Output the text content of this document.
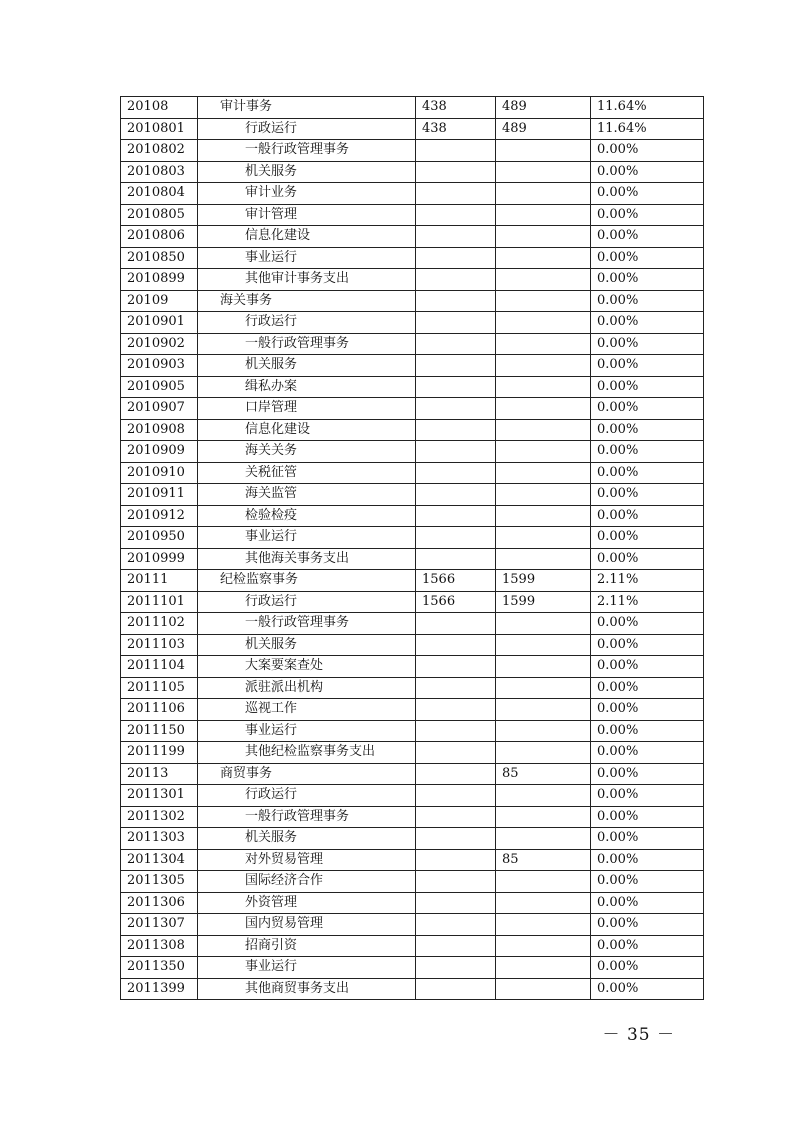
20108	审计事务	438	489	11.64%
2010801	行政运行	438	489	11.64%
2010802	一般行政管理事务			0.00%
2010803	机关服务			0.00%
2010804	审计业务			0.00%
2010805	审计管理			0.00%
2010806	信息化建设			0.00%
2010850	事业运行			0.00%
2010899	其他审计事务支出			0.00%
20109	海关事务			0.00%
2010901	行政运行			0.00%
2010902	一般行政管理事务			0.00%
2010903	机关服务			0.00%
2010905	缉私办案			0.00%
2010907	口岸管理			0.00%
2010908	信息化建设			0.00%
2010909	海关关务			0.00%
2010910	关税征管			0.00%
2010911	海关监管			0.00%
2010912	检验检疫			0.00%
2010950	事业运行			0.00%
2010999	其他海关事务支出			0.00%
20111	纪检监察事务	1566	1599	2.11%
2011101	行政运行	1566	1599	2.11%
2011102	一般行政管理事务			0.00%
2011103	机关服务			0.00%
2011104	大案要案查处			0.00%
2011105	派驻派出机构			0.00%
2011106	巡视工作			0.00%
2011150	事业运行			0.00%
2011199	其他纪检监察事务支出			0.00%
20113	商贸事务		85	0.00%
2011301	行政运行			0.00%
2011302	一般行政管理事务			0.00%
2011303	机关服务			0.00%
2011304	对外贸易管理		85	0.00%
2011305	国际经济合作			0.00%
2011306	外资管理			0.00%
2011307	国内贸易管理			0.00%
2011308	招商引资			0.00%
2011350	事业运行			0.00%
2011399	其他商贸事务支出			0.00%
－ 35 －
